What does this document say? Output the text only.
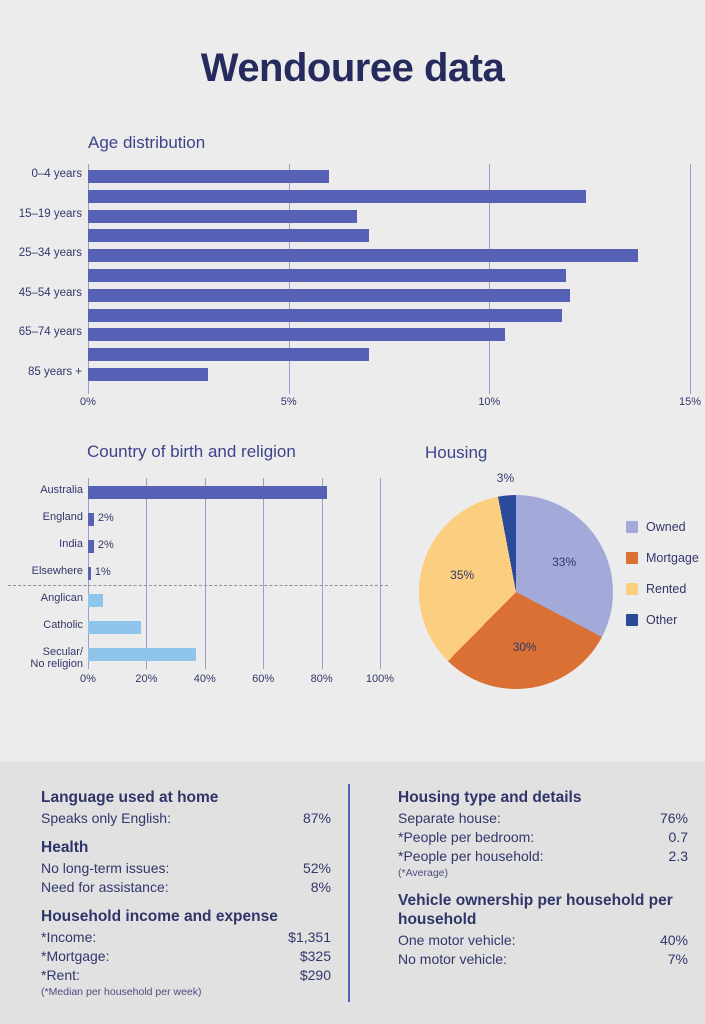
Wendouree data
Age distribution
0%	5%	10%	15%
0–4 years
15–19 years
25–34 years
45–54 years
65–74 years
85 years +
Country of birth and religion
0%	20%	40%	60%	80%	100%
Australia
England 2%
India 2%
Elsewhere 1%
Anglican
Catholic
Secular/
No religion
Housing
Owned
Mortgage
Rented
Other
33%
30%
35%
3%
Language used at home
Speaks only English:	87%
Health
No long-term issues:	52%
Need for assistance:	8%
Household income and expense
*Income:	$1,351
*Mortgage:	$325
*Rent:	$290
(*Median per household per week)
Housing type and details
Separate house:	76%
*People per bedroom:	0.7
*People per household:	2.3
(*Average)
Vehicle ownership per household per household
One motor vehicle:	40%
No motor vehicle:	7%
